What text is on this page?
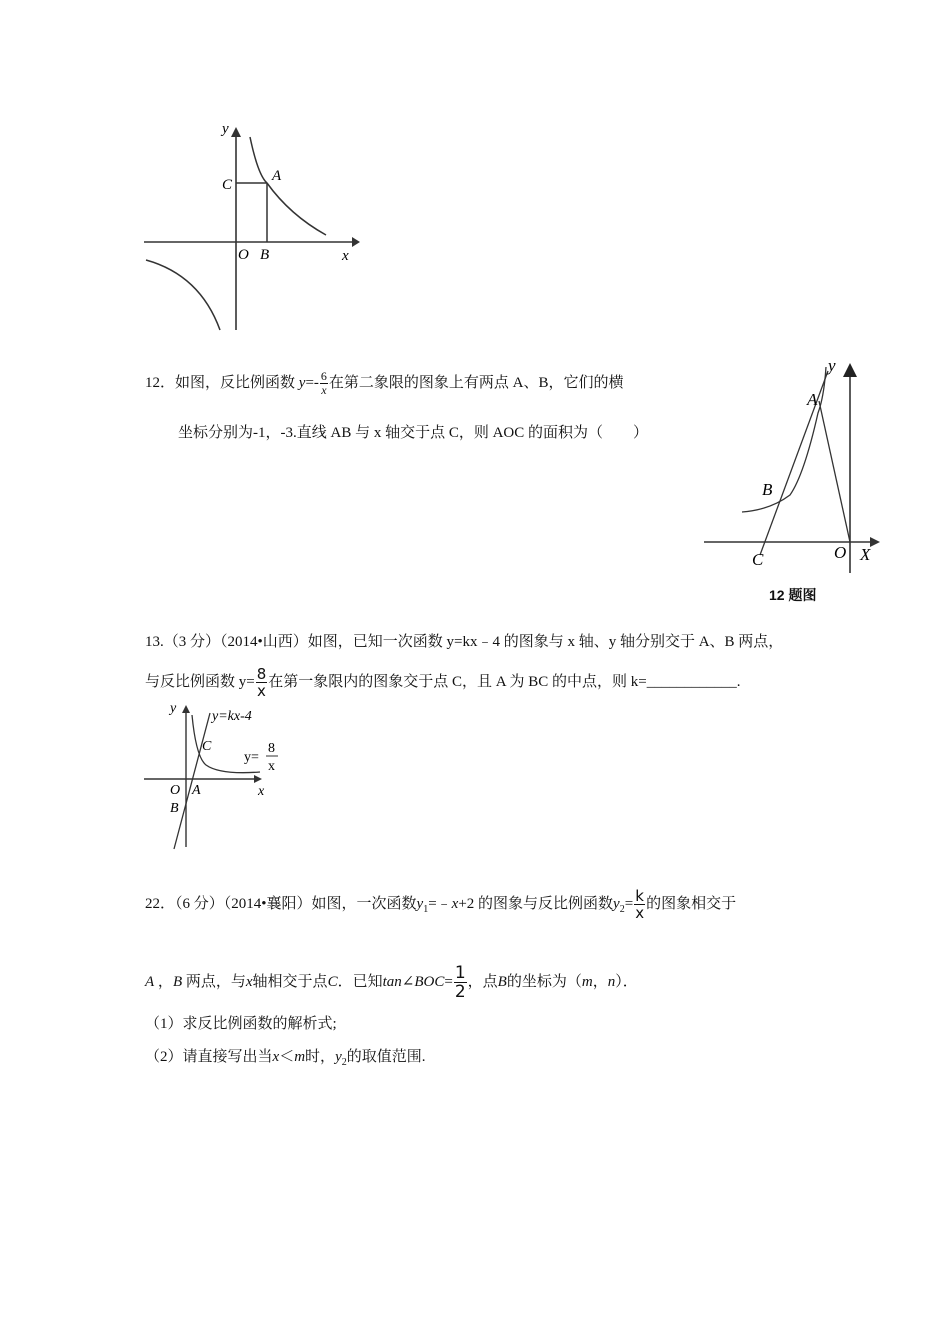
y
x
O
A
B
C
12．如图，反比例函数 $y=- \frac{6}{x}$ 在第二象限的图象上有两点 A、B，它们的横
坐标分别为-1，-3.直线 AB 与 x 轴交于点 C，则 AOC 的面积为（　　）
y
X
A
B
C	O
12 题图
13.（3 分）（2014•山西）如图，已知一次函数 y=kx﹣4 的图象与 x 轴、y 轴分别交于 A、B 两点，
与反比例函数 $y= \frac{8}{x}$ 在第一象限内的图象交于点 C，且 A 为 BC 的中点，则 k=____________.
y
x
O A
B
C
y=kx-4
y=
8
x
22．（6 分）（2014•襄阳）如图，一次函数$y_1=﹣x+2$ 的图象与反比例函数$y_2= \frac{k}{x}$ 的图象相交于
A ，B 两点，与x轴相交于点C．已知tan∠BOC= $\frac{1}{2}$ ，点B的坐标为（m，n）．
（1）求反比例函数的解析式;
（2）请直接写出当x＜m时，$y_2$的取值范围.
